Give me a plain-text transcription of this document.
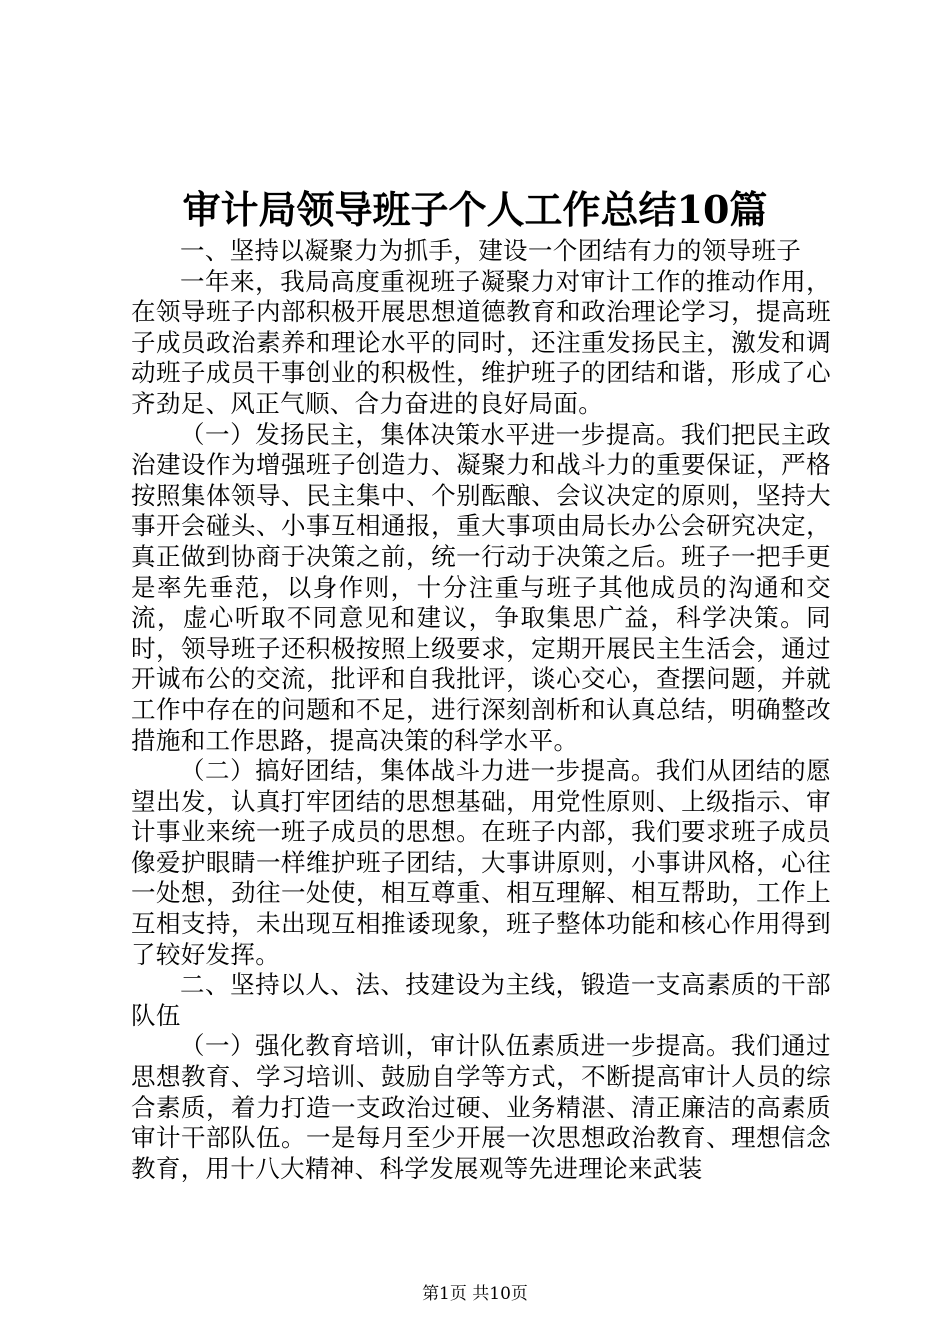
审计局领导班子个人工作总结10篇

一、坚持以凝聚力为抓手，建设一个团结有力的领导班子

一年来，我局高度重视班子凝聚力对审计工作的推动作用，在领导班子内部积极开展思想道德教育和政治理论学习，提高班子成员政治素养和理论水平的同时，还注重发扬民主，激发和调动班子成员干事创业的积极性，维护班子的团结和谐，形成了心齐劲足、风正气顺、合力奋进的良好局面。

（一）发扬民主，集体决策水平进一步提高。我们把民主政治建设作为增强班子创造力、凝聚力和战斗力的重要保证，严格按照集体领导、民主集中、个别酝酿、会议决定的原则，坚持大事开会碰头、小事互相通报，重大事项由局长办公会研究决定，真正做到协商于决策之前，统一行动于决策之后。班子一把手更是率先垂范，以身作则，十分注重与班子其他成员的沟通和交流，虚心听取不同意见和建议，争取集思广益，科学决策。同时，领导班子还积极按照上级要求，定期开展民主生活会，通过开诚布公的交流，批评和自我批评，谈心交心，查摆问题，并就工作中存在的问题和不足，进行深刻剖析和认真总结，明确整改措施和工作思路，提高决策的科学水平。

（二）搞好团结，集体战斗力进一步提高。我们从团结的愿望出发，认真打牢团结的思想基础，用党性原则、上级指示、审计事业来统一班子成员的思想。在班子内部，我们要求班子成员像爱护眼睛一样维护班子团结，大事讲原则，小事讲风格，心往一处想，劲往一处使，相互尊重、相互理解、相互帮助，工作上互相支持，未出现互相推诿现象，班子整体功能和核心作用得到了较好发挥。

二、坚持以人、法、技建设为主线，锻造一支高素质的干部队伍

（一）强化教育培训，审计队伍素质进一步提高。我们通过思想教育、学习培训、鼓励自学等方式，不断提高审计人员的综合素质，着力打造一支政治过硬、业务精湛、清正廉洁的高素质审计干部队伍。一是每月至少开展一次思想政治教育、理想信念教育，用十八大精神、科学发展观等先进理论来武装

第1页 共10页
